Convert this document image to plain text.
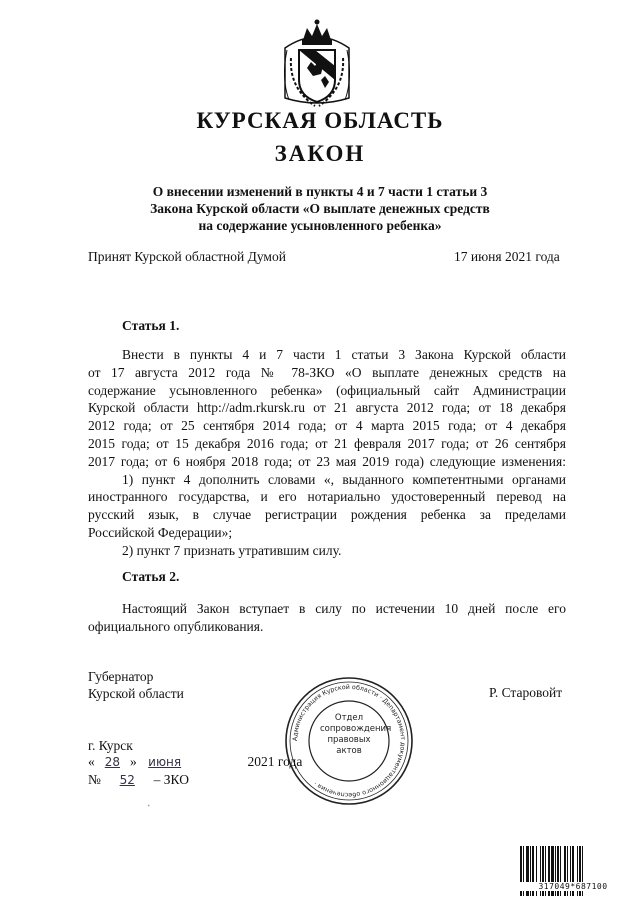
КУРСКАЯ ОБЛАСТЬ
ЗАКОН
О внесении изменений в пункты 4 и 7 части 1 статьи 3
Закона Курской области «О выплате денежных средств
на содержание усыновленного ребенка»
Принят Курской областной Думой	17 июня 2021 года
Статья 1.
Внести в пункты 4 и 7 части 1 статьи 3 Закона Курской области
от 17 августа 2012 года № 78-ЗКО «О выплате денежных средств на
содержание усыновленного ребенка» (официальный сайт Администрации
Курской области http://adm.rkursk.ru от 21 августа 2012 года; от 18 декабря
2012 года; от 25 сентября 2014 года; от 4 марта 2015 года; от 4 декабря
2015 года; от 15 декабря 2016 года; от 21 февраля 2017 года; от 26 сентября
2017 года; от 6 ноября 2018 года; от 23 мая 2019 года) следующие изменения:
1) пункт 4 дополнить словами «, выданного компетентными органами
иностранного государства, и его нотариально удостоверенный перевод на
русский язык, в случае регистрации рождения ребенка за пределами
Российской Федерации»;
2) пункт 7 признать утратившим силу.
Статья 2.
Настоящий Закон вступает в силу по истечении 10 дней после его
официального опубликования.
Губернатор
Курской области	Р. Старовойт
Администрация Курской области · Департамент документационного обеспечения ·
Отдел
сопровождения
правовых
актов
г. Курск
« 28 » июня	2021 года
№ 52 – ЗКО
⸼
317049*687100
